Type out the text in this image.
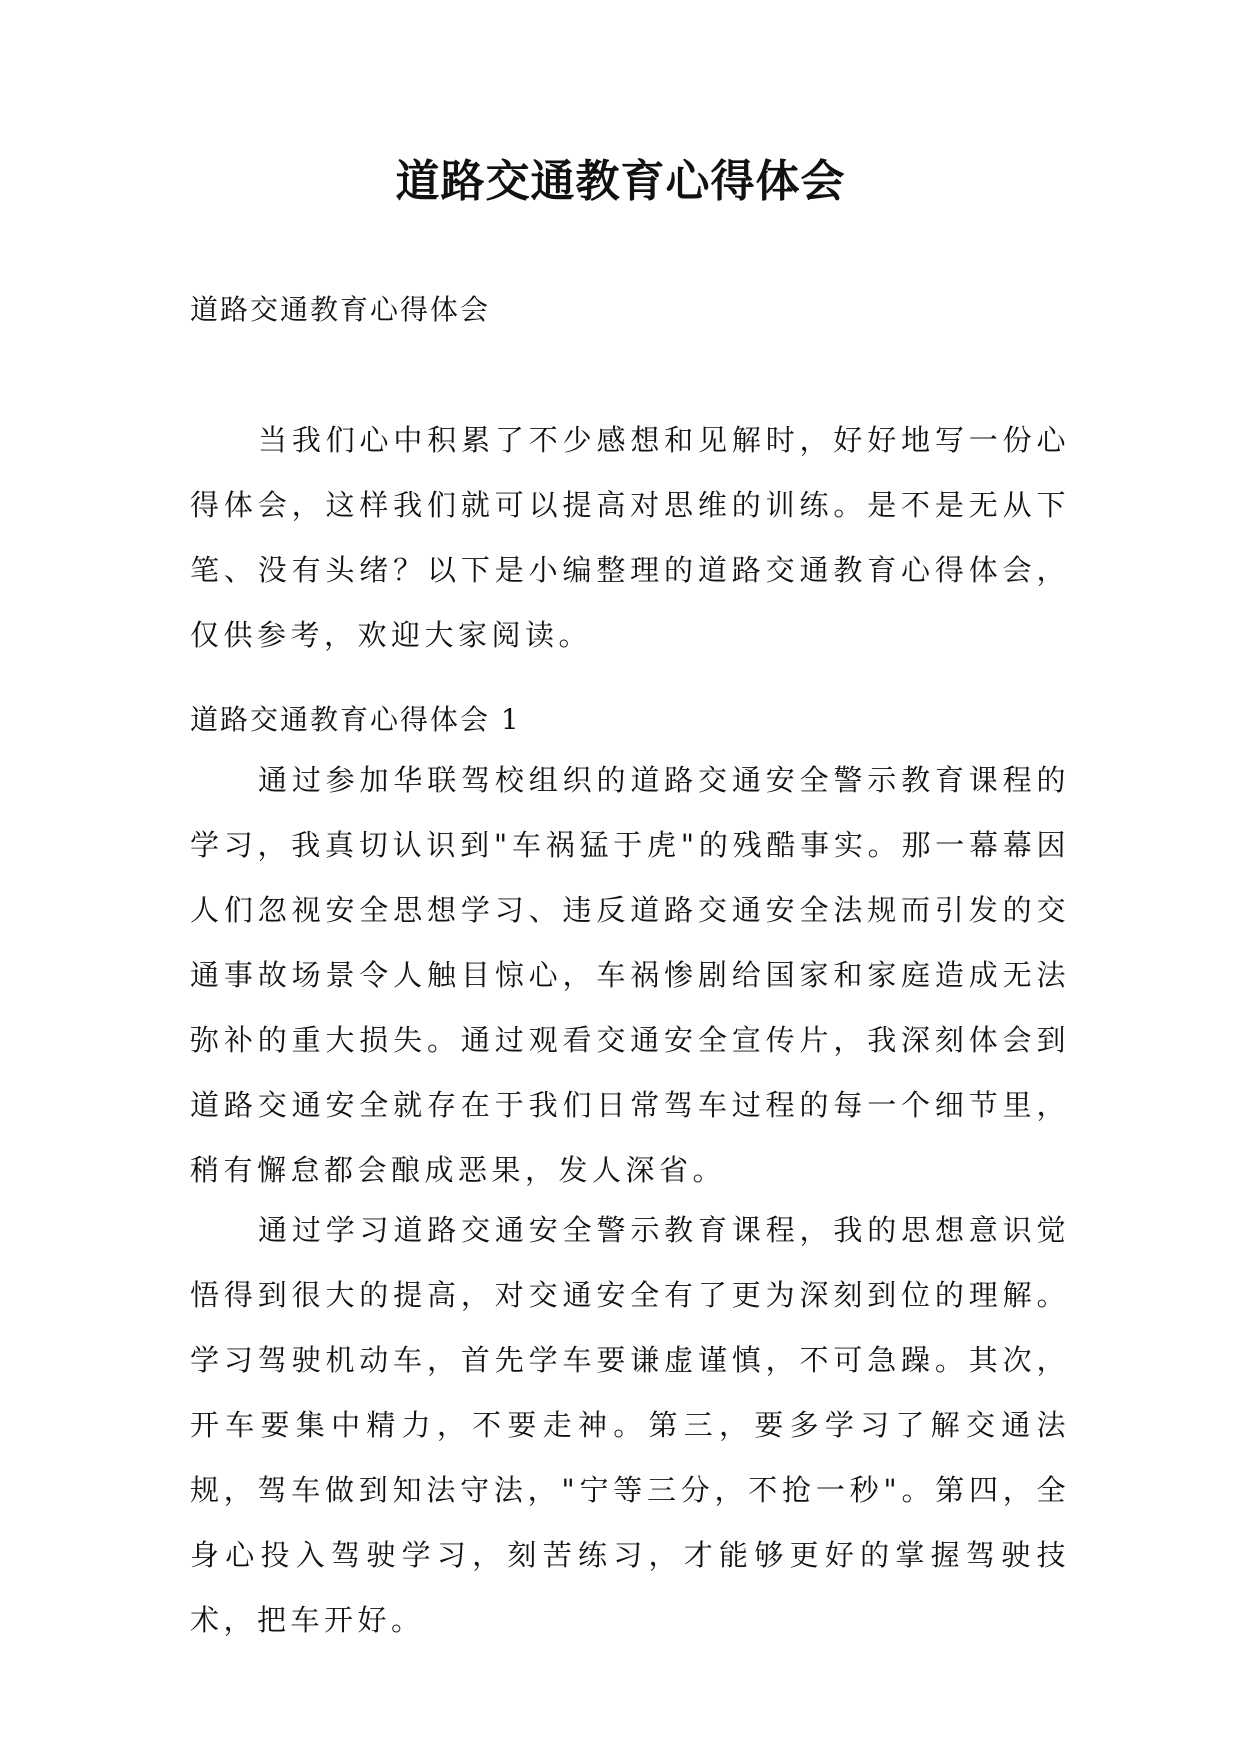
道路交通教育心得体会
道路交通教育心得体会

当我们心中积累了不少感想和见解时，好好地写一份心得体会，这样我们就可以提高对思维的训练。是不是无从下笔、没有头绪？以下是小编整理的道路交通教育心得体会，仅供参考，欢迎大家阅读。

道路交通教育心得体会 1

通过参加华联驾校组织的道路交通安全警示教育课程的学习，我真切认识到"车祸猛于虎"的残酷事实。那一幕幕因人们忽视安全思想学习、违反道路交通安全法规而引发的交通事故场景令人触目惊心，车祸惨剧给国家和家庭造成无法弥补的重大损失。通过观看交通安全宣传片，我深刻体会到道路交通安全就存在于我们日常驾车过程的每一个细节里，稍有懈怠都会酿成恶果，发人深省。

通过学习道路交通安全警示教育课程，我的思想意识觉悟得到很大的提高，对交通安全有了更为深刻到位的理解。学习驾驶机动车，首先学车要谦虚谨慎，不可急躁。其次，开车要集中精力，不要走神。第三，要多学习了解交通法规，驾车做到知法守法，"宁等三分，不抢一秒"。第四，全身心投入驾驶学习，刻苦练习，才能够更好的掌握驾驶技术，把车开好。
